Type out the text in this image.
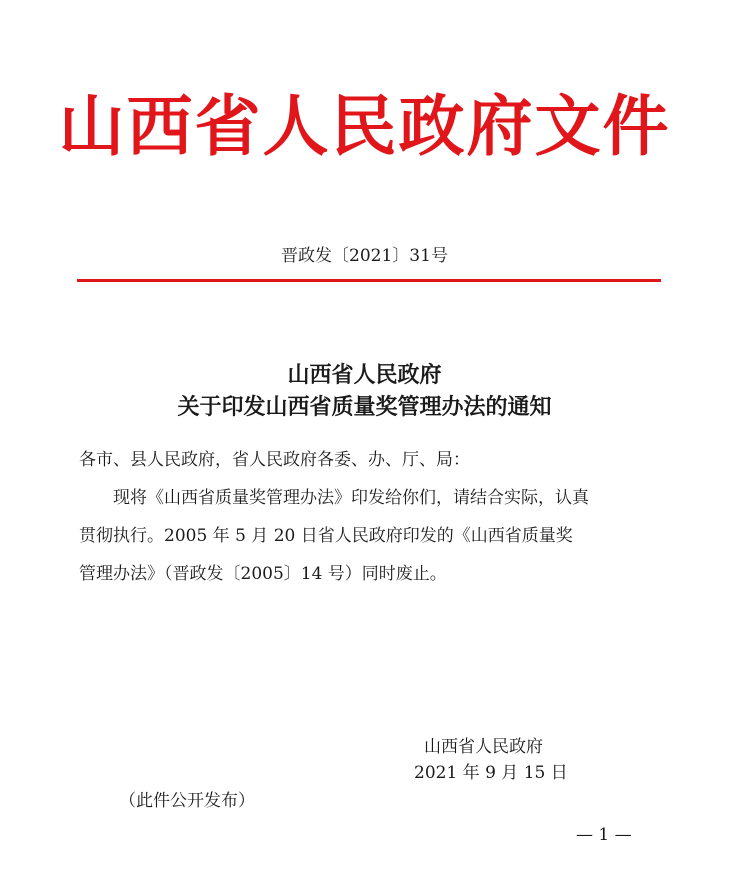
山西省人民政府文件
晋政发〔2021〕31号
山西省人民政府
关于印发山西省质量奖管理办法的通知
各市、县人民政府，省人民政府各委、办、厅、局：
　　现将《山西省质量奖管理办法》印发给你们，请结合实际，认真
贯彻执行。2005 年 5 月 20 日省人民政府印发的《山西省质量奖
管理办法》（晋政发〔2005〕14 号）同时废止。
山西省人民政府
2021 年 9 月 15 日
（此件公开发布）
— 1 —
